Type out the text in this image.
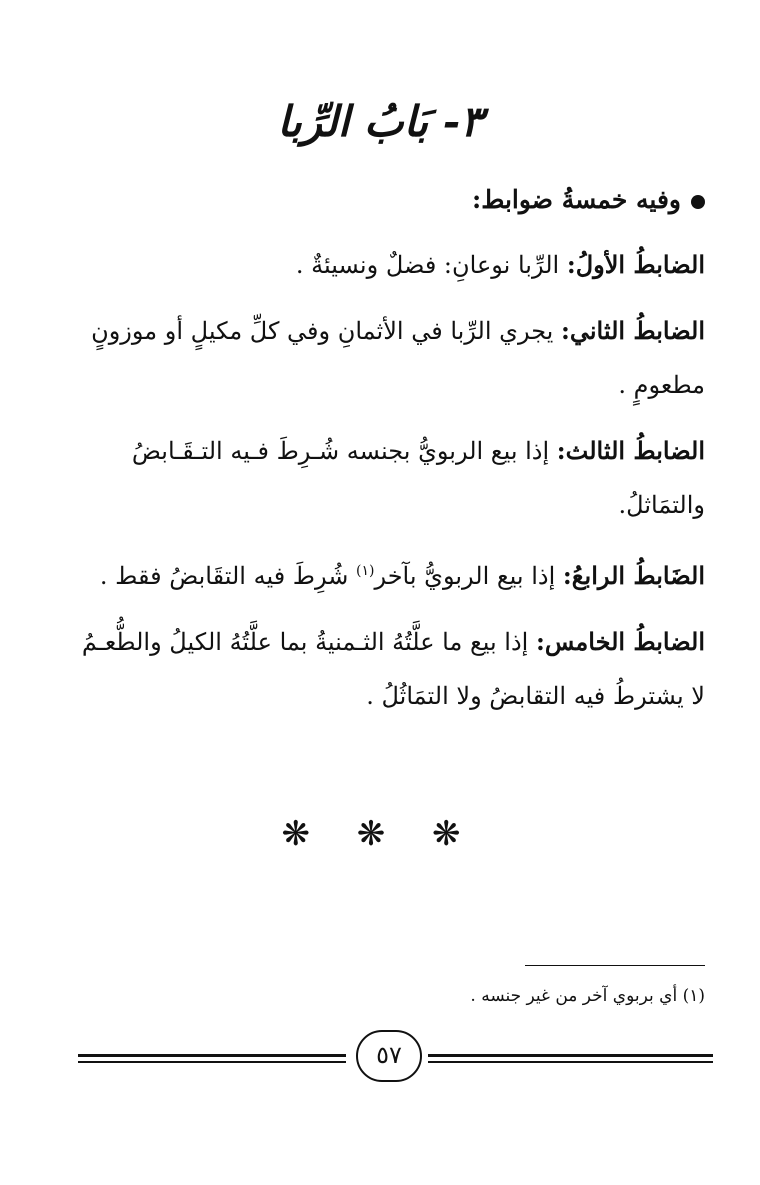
٣- بَابُ الرِّبا
وفيه خمسةُ ضوابط:

الضابطُ الأولُ: الرِّبا نوعانِ: فضلٌ ونسيئةٌ .

الضابطُ الثاني: يجري الرِّبا في الأثمانِ وفي كلِّ مكيلٍ أو موزونٍ
مطعومٍ .

الضابطُ الثالث: إذا بيع الربويُّ بجنسه شُـرِطَ فـيه التـقَـابضُ
والتمَاثلُ.

الضَابطُ الرابعُ: إذا بيع الربويُّ بآخر$^{(١)}$ شُرِطَ فيه التقَابضُ فقط .

الضابطُ الخامس: إذا بيع ما علَّتُهُ الثـمنيةُ بما علَّتُهُ الكيلُ والطُّعـمُ
لا يشترطُ فيه التقابضُ ولا التمَاثُلُ .

❋ ❋ ❋
(١) أي بربوي آخر من غير جنسه .
٥٧
